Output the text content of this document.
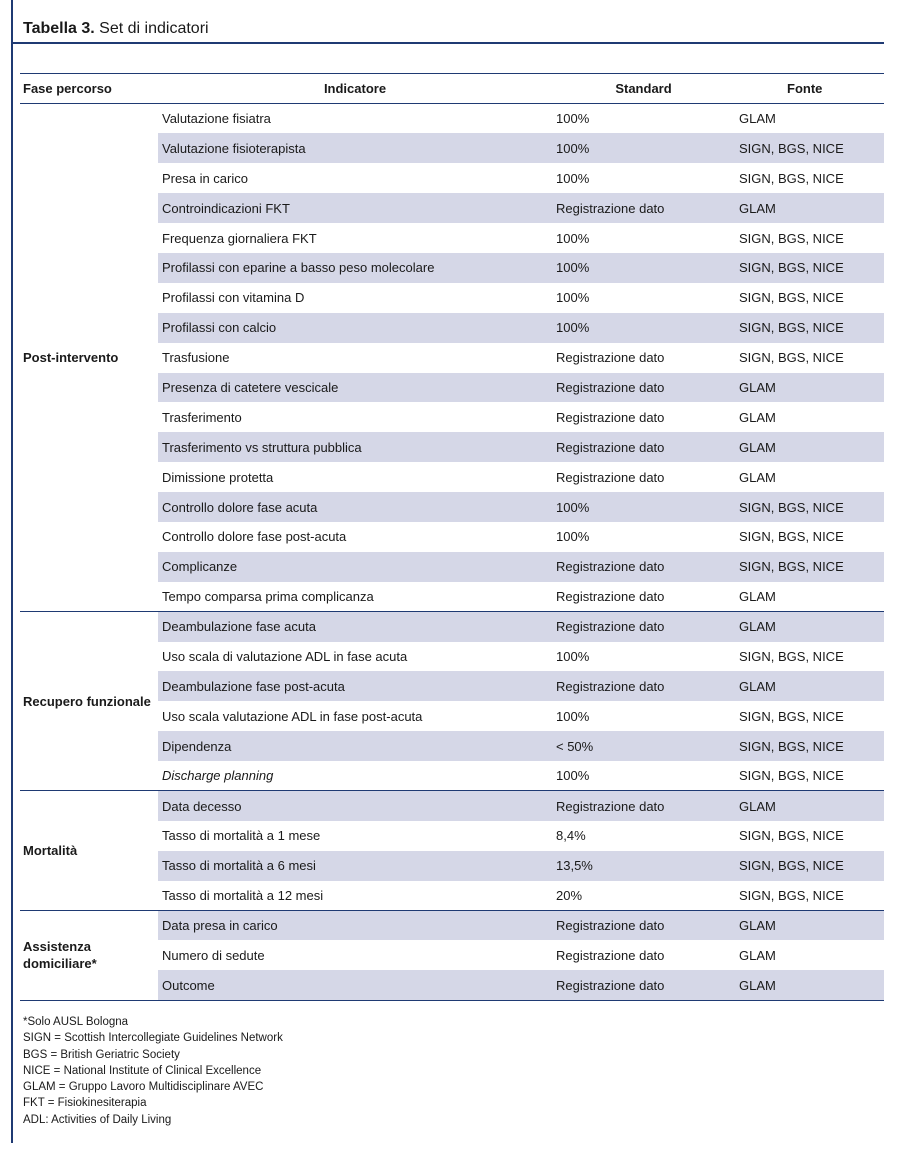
Tabella 3. Set di indicatori
Fase percorso	Indicatore	Standard	Fonte
Post-intervento	Valutazione fisiatra	100%	GLAM
	Valutazione fisioterapista	100%	SIGN, BGS, NICE
	Presa in carico	100%	SIGN, BGS, NICE
	Controindicazioni FKT	Registrazione dato	GLAM
	Frequenza giornaliera FKT	100%	SIGN, BGS, NICE
	Profilassi con eparine a basso peso molecolare	100%	SIGN, BGS, NICE
	Profilassi con vitamina D	100%	SIGN, BGS, NICE
	Profilassi con calcio	100%	SIGN, BGS, NICE
	Trasfusione	Registrazione dato	SIGN, BGS, NICE
	Presenza di catetere vescicale	Registrazione dato	GLAM
	Trasferimento	Registrazione dato	GLAM
	Trasferimento vs struttura pubblica	Registrazione dato	GLAM
	Dimissione protetta	Registrazione dato	GLAM
	Controllo dolore fase acuta	100%	SIGN, BGS, NICE
	Controllo dolore fase post-acuta	100%	SIGN, BGS, NICE
	Complicanze	Registrazione dato	SIGN, BGS, NICE
	Tempo comparsa prima complicanza	Registrazione dato	GLAM
Recupero funzionale	Deambulazione fase acuta	Registrazione dato	GLAM
	Uso scala di valutazione ADL in fase acuta	100%	SIGN, BGS, NICE
	Deambulazione fase post-acuta	Registrazione dato	GLAM
	Uso scala valutazione ADL in fase post-acuta	100%	SIGN, BGS, NICE
	Dipendenza	< 50%	SIGN, BGS, NICE
	Discharge planning	100%	SIGN, BGS, NICE
Mortalità	Data decesso	Registrazione dato	GLAM
	Tasso di mortalità a 1 mese	8,4%	SIGN, BGS, NICE
	Tasso di mortalità a 6 mesi	13,5%	SIGN, BGS, NICE
	Tasso di mortalità a 12 mesi	20%	SIGN, BGS, NICE
Assistenza domiciliare*	Data presa in carico	Registrazione dato	GLAM
	Numero di sedute	Registrazione dato	GLAM
	Outcome	Registrazione dato	GLAM
*Solo AUSL Bologna
SIGN = Scottish Intercollegiate Guidelines Network
BGS = British Geriatric Society
NICE = National Institute of Clinical Excellence
GLAM = Gruppo Lavoro Multidisciplinare AVEC
FKT = Fisiokinesiterapia
ADL: Activities of Daily Living
